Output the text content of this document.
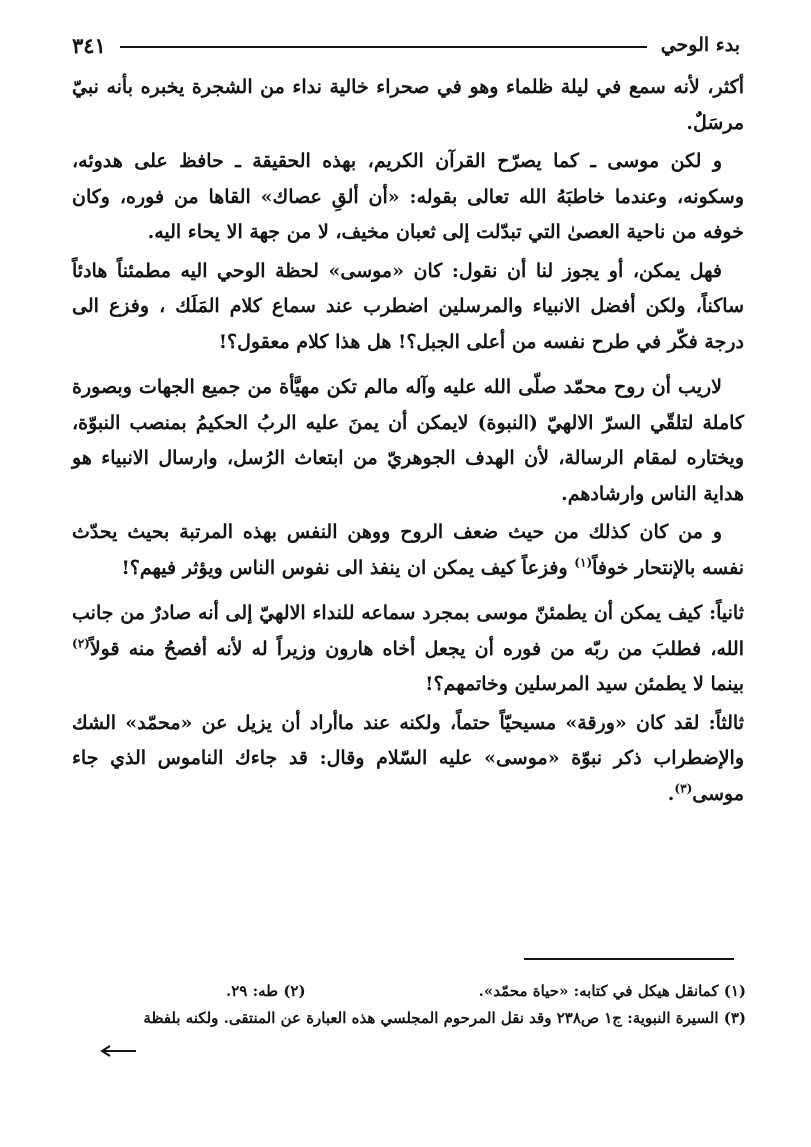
بدء الوحي
٣٤١

أكثر، لأنه سمع في ليلة ظلماء وهو في صحراء خالية نداء من الشجرة يخبره بأنه نبيّ مرسَلٌ.

و لكن موسى ـ كما يصرّح القرآن الكريم، بهذه الحقيقة ـ حافظ على هدوئه، وسكونه، وعندما خاطبَهُ الله تعالى بقوله: «أن ألقِ عصاك» القاها من فوره، وكان خوفه من ناحية العصىٰ التي تبدّلت إلى ثعبان مخيف، لا من جهة الا يحاء اليه.

فهل يمكن، أو يجوز لنا أن نقول: كان «موسى» لحظة الوحي اليه مطمئناً هادئاً ساكناً، ولكن أفضل الانبياء والمرسلين اضطرب عند سماع كلام المَلَك ، وفزع الى درجة فكّر في طرح نفسه من أعلى الجبل؟! هل هذا كلام معقول؟!

لاريب أن روح محمّد صلّى الله عليه وآله مالم تكن مهيَّأة من جميع الجهات وبصورة كاملة لتلقّي السرّ الالهيّ (النبوة) لايمكن أن يمنَ عليه الربُ الحكيمُ بمنصب النبوّة، ويختاره لمقام الرسالة، لأن الهدف الجوهريّ من ابتعاث الرُسل، وارسال الانبياء هو هداية الناس وارشادهم.

و من كان كذلك من حيث ضعف الروح ووهن النفس بهذه المرتبة بحيث يحدّث نفسه بالإنتحار خوفاً$^{(١)}$ وفزعاً كيف يمكن ان ينفذ الى نفوس الناس ويؤثر فيهم؟!

ثانياً: كيف يمكن أن يطمئنّ موسى بمجرد سماعه للنداء الالهيّ إلى أنه صادرٌ من جانب الله، فطلبَ من ربّه من فوره أن يجعل أخاه هارون وزيراً له لأنه أفصحُ منه قولاً$^{(٢)}$ بينما لا يطمئن سيد المرسلين وخاتمهم؟!

ثالثاً: لقد كان «ورقة» مسيحيّاً حتماً، ولكنه عند ماأراد أن يزيل عن «محمّد» الشك والإضطراب ذكر نبوّة «موسى» عليه السّلام وقال: قد جاءك الناموس الذي جاء موسى$^{(٣)}$.

(١) كمانقل هيكل في كتابه: «حياة محمّد».
(٢) طه: ٢٩.
(٣) السيرة النبوية: ج١ ص٢٣٨ وقد نقل المرحوم المجلسي هذه العبارة عن المنتقى. ولكنه بلفظة
